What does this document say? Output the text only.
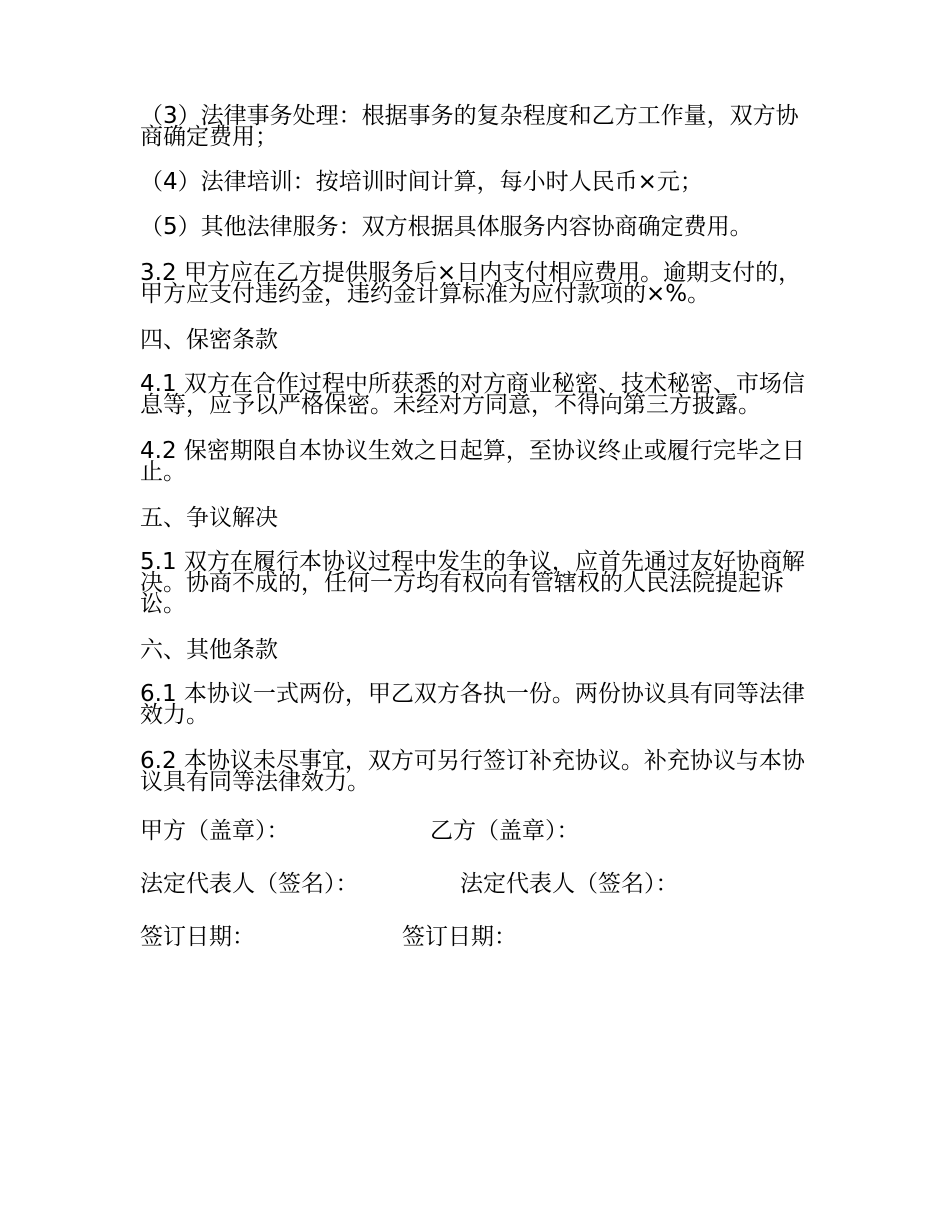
（3）法律事务处理：根据事务的复杂程度和乙方工作量，双方协商确定费用；

（4）法律培训：按培训时间计算，每小时人民币×元；

（5）其他法律服务：双方根据具体服务内容协商确定费用。

3.2 甲方应在乙方提供服务后×日内支付相应费用。逾期支付的，甲方应支付违约金，违约金计算标准为应付款项的×%。

四、保密条款

4.1 双方在合作过程中所获悉的对方商业秘密、技术秘密、市场信息等，应予以严格保密。未经对方同意，不得向第三方披露。

4.2 保密期限自本协议生效之日起算，至协议终止或履行完毕之日止。

五、争议解决

5.1 双方在履行本协议过程中发生的争议，应首先通过友好协商解决。协商不成的，任何一方均有权向有管辖权的人民法院提起诉讼。

六、其他条款

6.1 本协议一式两份，甲乙双方各执一份。两份协议具有同等法律效力。

6.2 本协议未尽事宜，双方可另行签订补充协议。补充协议与本协议具有同等法律效力。

甲方（盖章）：	乙方（盖章）：
法定代表人（签名）：	法定代表人（签名）：
签订日期：	签订日期：
